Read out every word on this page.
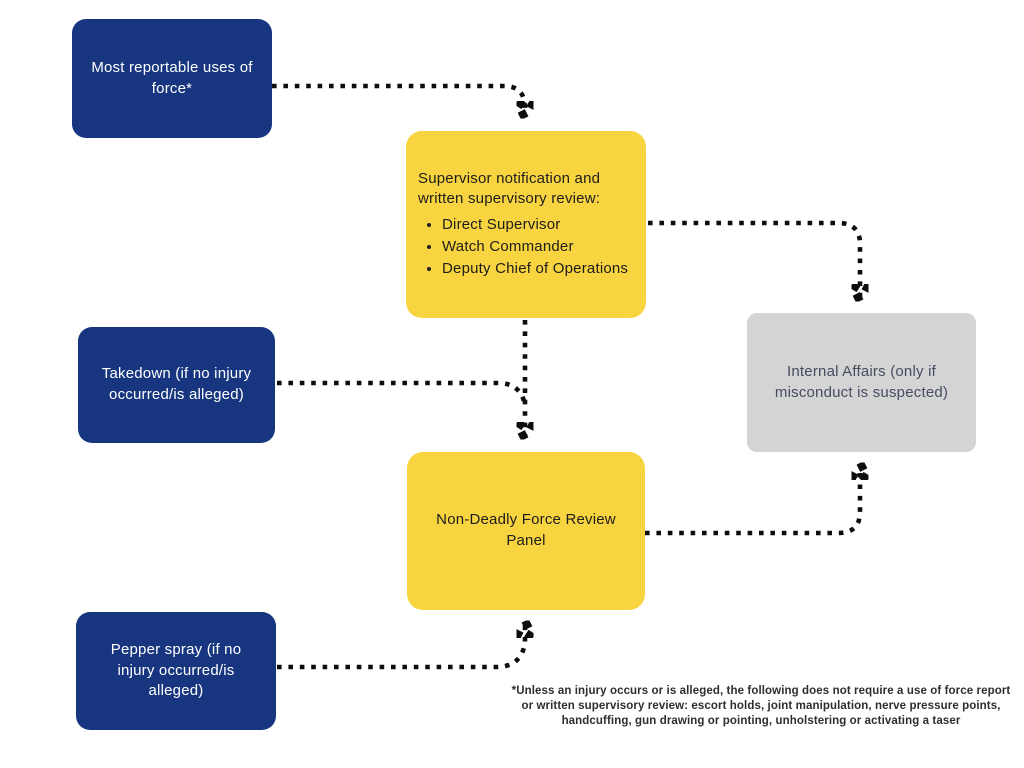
Most reportable uses of force*
Takedown (if no injury occurred/is alleged)
Pepper spray (if no injury occurred/is alleged)

Supervisor notification and written supervisory review:

• Direct Supervisor
• Watch Commander
• Deputy Chief of Operations
Non-Deadly Force Review Panel
Internal Affairs (only if misconduct is suspected)
*Unless an injury occurs or is alleged, the following does not require a use of force report or written supervisory review: escort holds, joint manipulation, nerve pressure points, handcuffing, gun drawing or pointing, unholstering or activating a taser
